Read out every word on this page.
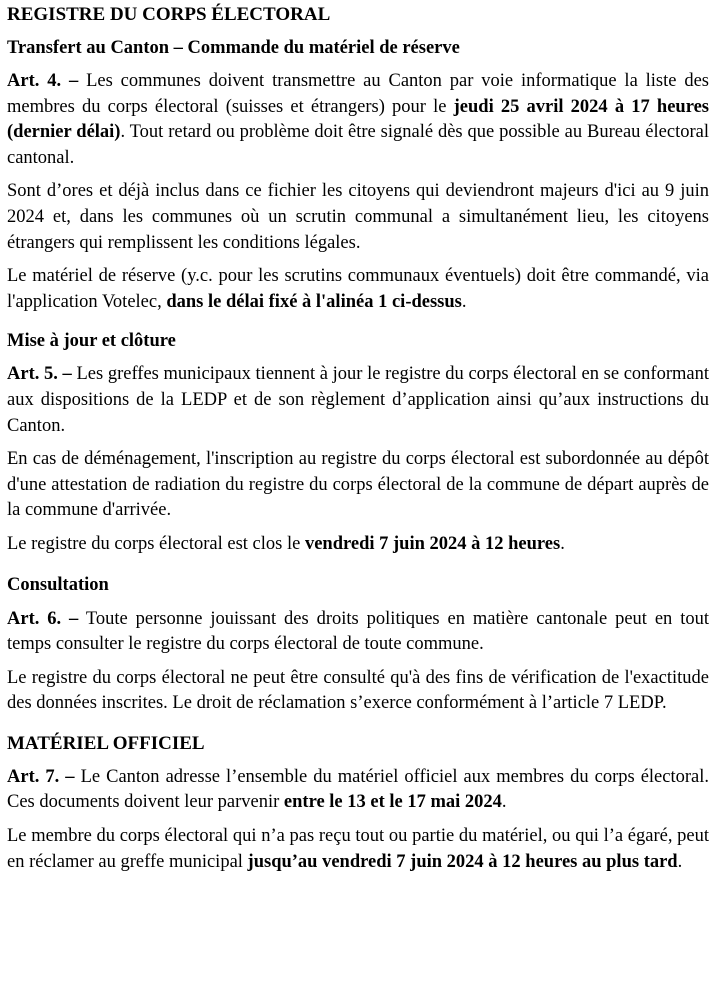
REGISTRE DU CORPS ÉLECTORAL
Transfert au Canton – Commande du matériel de réserve

Art. 4. – Les communes doivent transmettre au Canton par voie informatique la liste des membres du corps électoral (suisses et étrangers) pour le jeudi 25 avril 2024 à 17 heures (dernier délai). Tout retard ou problème doit être signalé dès que possible au Bureau électoral cantonal.

Sont d’ores et déjà inclus dans ce fichier les citoyens qui deviendront majeurs d'ici au 9 juin 2024 et, dans les communes où un scrutin communal a simultanément lieu, les citoyens étrangers qui remplissent les conditions légales.

Le matériel de réserve (y.c. pour les scrutins communaux éventuels) doit être commandé, via l'application Votelec, dans le délai fixé à l'alinéa 1 ci-dessus.

Mise à jour et clôture

Art. 5. – Les greffes municipaux tiennent à jour le registre du corps électoral en se conformant aux dispositions de la LEDP et de son règlement d’application ainsi qu’aux instructions du Canton.

En cas de déménagement, l'inscription au registre du corps électoral est subordonnée au dépôt d'une attestation de radiation du registre du corps électoral de la commune de départ auprès de la commune d'arrivée.

Le registre du corps électoral est clos le vendredi 7 juin 2024 à 12 heures.

Consultation

Art. 6. – Toute personne jouissant des droits politiques en matière cantonale peut en tout temps consulter le registre du corps électoral de toute commune.

Le registre du corps électoral ne peut être consulté qu'à des fins de vérification de l'exactitude des données inscrites. Le droit de réclamation s’exerce conformément à l’article 7 LEDP.

MATÉRIEL OFFICIEL

Art. 7. – Le Canton adresse l’ensemble du matériel officiel aux membres du corps électoral. Ces documents doivent leur parvenir entre le 13 et le 17 mai 2024.

Le membre du corps électoral qui n’a pas reçu tout ou partie du matériel, ou qui l’a égaré, peut en réclamer au greffe municipal jusqu’au vendredi 7 juin 2024 à 12 heures au plus tard.
